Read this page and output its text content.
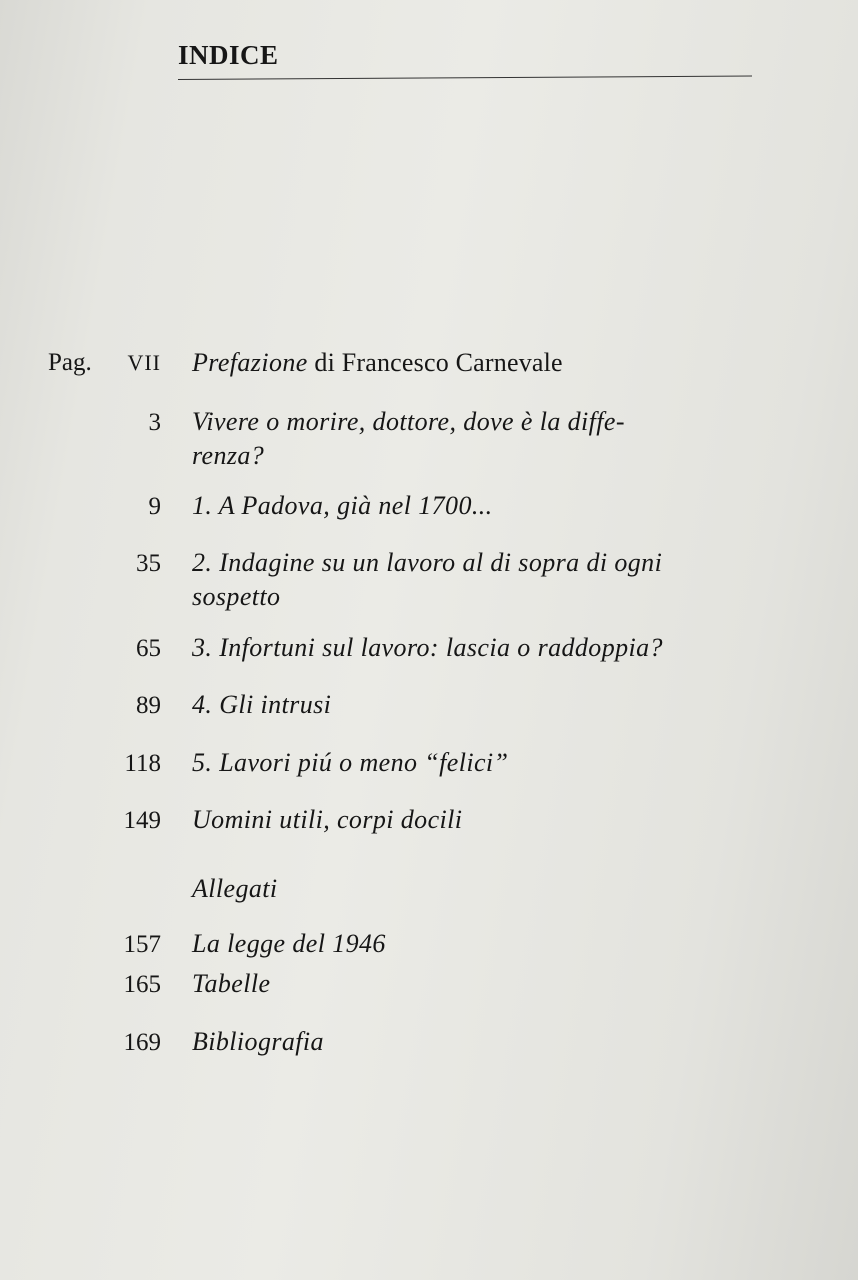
INDICE
Pag. VII Prefazione di Francesco Carnevale
3 Vivere o morire, dottore, dove è la diffe-
renza?
9 1. A Padova, già nel 1700...
35 2. Indagine su un lavoro al di sopra di ogni
sospetto
65 3. Infortuni sul lavoro: lascia o raddoppia?
89 4. Gli intrusi
118 5. Lavori piú o meno “felici”
149 Uomini utili, corpi docili
Allegati
157 La legge del 1946
165 Tabelle
169 Bibliografia
